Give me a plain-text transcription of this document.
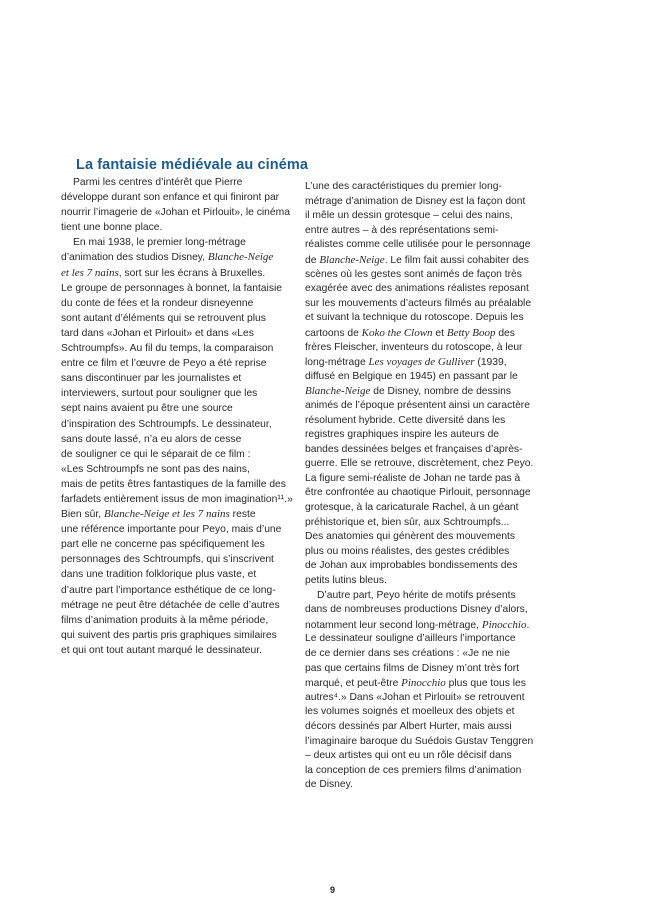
La fantaisie médiévale au cinéma
Parmi les centres d’intérêt que Pierre
développe durant son enfance et qui finiront par
nourrir l’imagerie de «Johan et Pirlouit», le cinéma
tient une bonne place.
En mai 1938, le premier long-métrage
d’animation des studios Disney, Blanche-Neige
et les 7 nains, sort sur les écrans à Bruxelles.
Le groupe de personnages à bonnet, la fantaisie
du conte de fées et la rondeur disneyenne
sont autant d’éléments qui se retrouvent plus
tard dans «Johan et Pirlouit» et dans «Les
Schtroumpfs». Au fil du temps, la comparaison
entre ce film et l’œuvre de Peyo a été reprise
sans discontinuer par les journalistes et
interviewers, surtout pour souligner que les
sept nains avaient pu être une source
d’inspiration des Schtroumpfs. Le dessinateur,
sans doute lassé, n’a eu alors de cesse
de souligner ce qui le séparait de ce film :
«Les Schtroumpfs ne sont pas des nains,
mais de petits êtres fantastiques de la famille des
farfadets entièrement issus de mon imagination¹¹.»
Bien sûr, Blanche-Neige et les 7 nains reste
une référence importante pour Peyo, mais d’une
part elle ne concerne pas spécifiquement les
personnages des Schtroumpfs, qui s’inscrivent
dans une tradition folklorique plus vaste, et
d’autre part l’importance esthétique de ce long-
métrage ne peut être détachée de celle d’autres
films d’animation produits à la même période,
qui suivent des partis pris graphiques similaires
et qui ont tout autant marqué le dessinateur.
L’une des caractéristiques du premier long-
métrage d’animation de Disney est la façon dont
il mêle un dessin grotesque – celui des nains,
entre autres – à des représentations semi-
réalistes comme celle utilisée pour le personnage
de Blanche-Neige. Le film fait aussi cohabiter des
scènes où les gestes sont animés de façon très
exagérée avec des animations réalistes reposant
sur les mouvements d’acteurs filmés au préalable
et suivant la technique du rotoscope. Depuis les
cartoons de Koko the Clown et Betty Boop des
frères Fleischer, inventeurs du rotoscope, à leur
long-métrage Les voyages de Gulliver (1939,
diffusé en Belgique en 1945) en passant par le
Blanche-Neige de Disney, nombre de dessins
animés de l’époque présentent ainsi un caractère
résolument hybride. Cette diversité dans les
registres graphiques inspire les auteurs de
bandes dessinées belges et françaises d’après-
guerre. Elle se retrouve, discrètement, chez Peyo.
La figure semi-réaliste de Johan ne tarde pas à
être confrontée au chaotique Pirlouit, personnage
grotesque, à la caricaturale Rachel, à un géant
préhistorique et, bien sûr, aux Schtroumpfs...
Des anatomies qui génèrent des mouvements
plus ou moins réalistes, des gestes crédibles
de Johan aux improbables bondissements des
petits lutins bleus.
D’autre part, Peyo hérite de motifs présents
dans de nombreuses productions Disney d’alors,
notamment leur second long-métrage, Pinocchio.
Le dessinateur souligne d’ailleurs l’importance
de ce dernier dans ses créations : «Je ne nie
pas que certains films de Disney m’ont très fort
marqué, et peut-être Pinocchio plus que tous les
autres⁴.» Dans «Johan et Pirlouit» se retrouvent
les volumes soignés et moelleux des objets et
décors dessinés par Albert Hurter, mais aussi
l’imaginaire baroque du Suédois Gustav Tenggren
– deux artistes qui ont eu un rôle décisif dans
la conception de ces premiers films d’animation
de Disney.
9
